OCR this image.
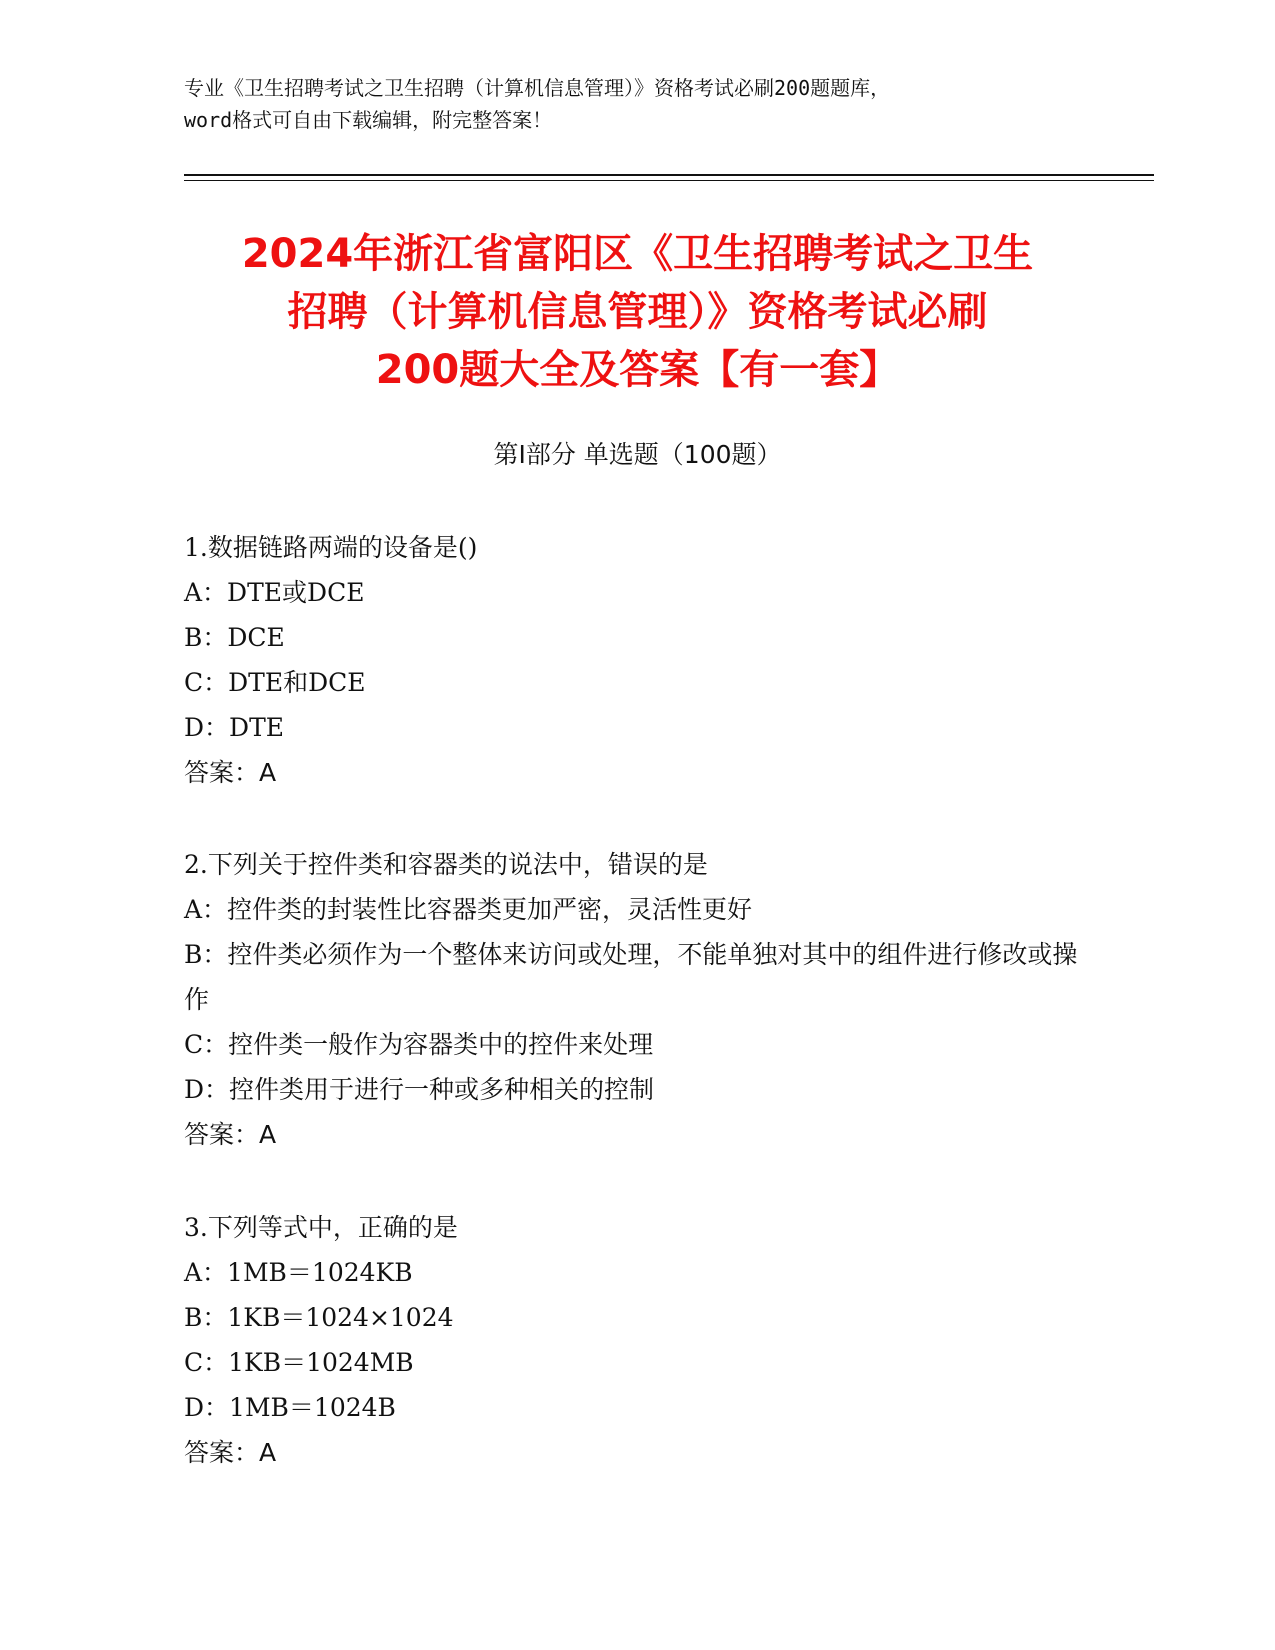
专业《卫生招聘考试之卫生招聘（计算机信息管理）》资格考试必刷200题题库，
word格式可自由下载编辑，附完整答案！
2024年浙江省富阳区《卫生招聘考试之卫生
招聘（计算机信息管理）》资格考试必刷
200题大全及答案【有一套】
第Ⅰ部分 单选题（100题）
1.数据链路两端的设备是()
A：DTE或DCE
B：DCE
C：DTE和DCE
D：DTE
答案：A
2.下列关于控件类和容器类的说法中，错误的是
A：控件类的封装性比容器类更加严密，灵活性更好
B：控件类必须作为一个整体来访问或处理，不能单独对其中的组件进行修改或操作
C：控件类一般作为容器类中的控件来处理
D：控件类用于进行一种或多种相关的控制
答案：A
3.下列等式中，正确的是
A：1MB＝1024KB
B：1KB＝1024×1024
C：1KB＝1024MB
D：1MB＝1024B
答案：A
